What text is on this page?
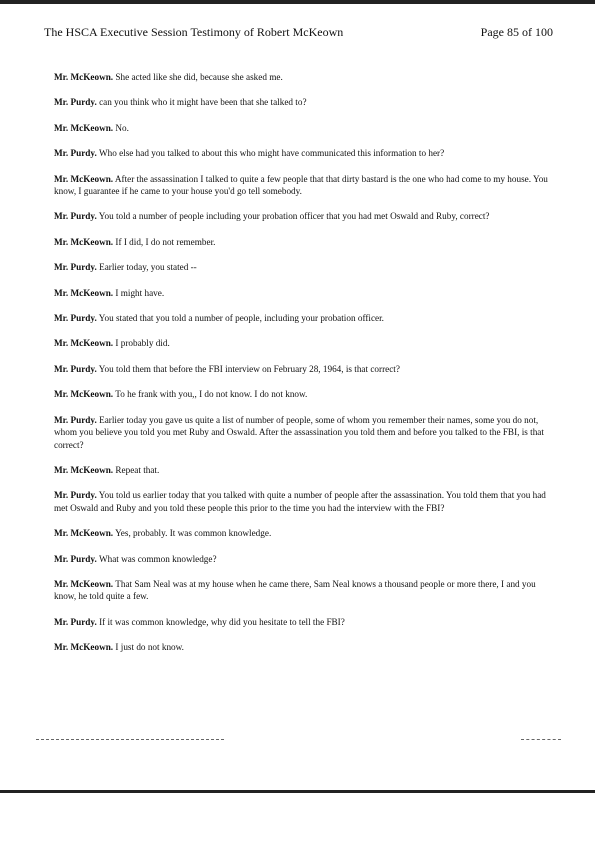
The HSCA Executive Session Testimony of Robert McKeown	Page 85 of 100

Mr. McKeown. She acted like she did, because she asked me.

Mr. Purdy. can you think who it might have been that she talked to?

Mr. McKeown. No.

Mr. Purdy. Who else had you talked to about this who might have communicated this information to her?

Mr. McKeown. After the assassination I talked to quite a few people that that dirty bastard is the one who had come to my house. You know, I guarantee if he came to your house you'd go tell somebody.

Mr. Purdy. You told a number of people including your probation officer that you had met Oswald and Ruby, correct?

Mr. McKeown. If I did, I do not remember.

Mr. Purdy. Earlier today, you stated --

Mr. McKeown. I might have.

Mr. Purdy. You stated that you told a number of people, including your probation officer.

Mr. McKeown. I probably did.

Mr. Purdy. You told them that before the FBI interview on February 28, 1964, is that correct?

Mr. McKeown. To he frank with you,, I do not know. I do not know.

Mr. Purdy. Earlier today you gave us quite a list of number of people, some of whom you remember their names, some you do not, whom you believe you told you met Ruby and Oswald. After the assassination you told them and before you talked to the FBI, is that correct?

Mr. McKeown. Repeat that.

Mr. Purdy. You told us earlier today that you talked with quite a number of people after the assassination. You told them that you had met Oswald and Ruby and you told these people this prior to the time you had the interview with the FBI?

Mr. McKeown. Yes, probably. It was common knowledge.

Mr. Purdy. What was common knowledge?

Mr. McKeown. That Sam Neal was at my house when he came there, Sam Neal knows a thousand people or more there, I and you know, he told quite a few.

Mr. Purdy. If it was common knowledge, why did you hesitate to tell the FBI?

Mr. McKeown. I just do not know.
